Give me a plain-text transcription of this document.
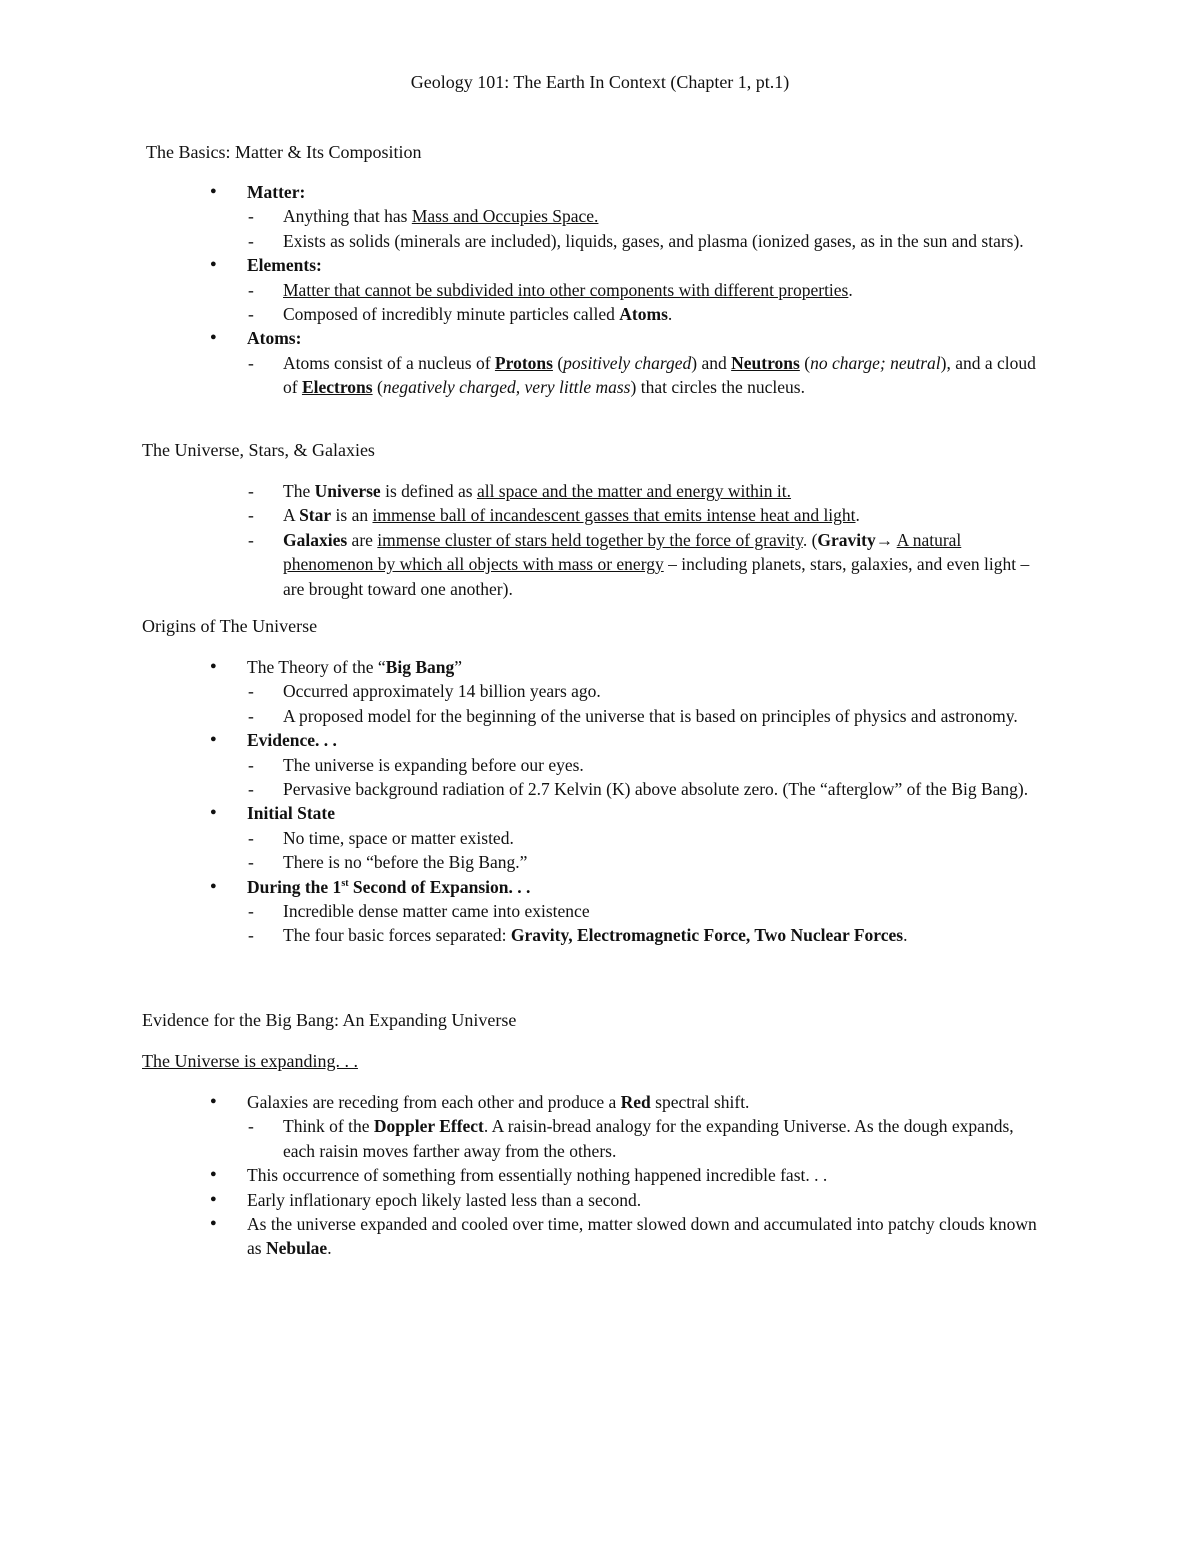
Geology 101: The Earth In Context (Chapter 1, pt.1)
The Basics: Matter & Its Composition
● Matter:
- Anything that has Mass and Occupies Space.
- Exists as solids (minerals are included), liquids, gases, and plasma (ionized gases, as in the sun and stars).
● Elements:
- Matter that cannot be subdivided into other components with different properties.
- Composed of incredibly minute particles called Atoms.
● Atoms:
- Atoms consist of a nucleus of Protons (positively charged) and Neutrons (no charge; neutral), and a cloud of Electrons (negatively charged, very little mass) that circles the nucleus.
The Universe, Stars, & Galaxies
- The Universe is defined as all space and the matter and energy within it.
- A Star is an immense ball of incandescent gasses that emits intense heat and light.
- Galaxies are immense cluster of stars held together by the force of gravity. (Gravity→ A natural phenomenon by which all objects with mass or energy – including planets, stars, galaxies, and even light – are brought toward one another).
Origins of The Universe
● The Theory of the “Big Bang”
- Occurred approximately 14 billion years ago.
- A proposed model for the beginning of the universe that is based on principles of physics and astronomy.
● Evidence. . .
- The universe is expanding before our eyes.
- Pervasive background radiation of 2.7 Kelvin (K) above absolute zero. (The “afterglow” of the Big Bang).
● Initial State
- No time, space or matter existed.
- There is no “before the Big Bang.”
● During the 1st Second of Expansion. . .
- Incredible dense matter came into existence
- The four basic forces separated: Gravity, Electromagnetic Force, Two Nuclear Forces.
Evidence for the Big Bang: An Expanding Universe
The Universe is expanding. . .
● Galaxies are receding from each other and produce a Red spectral shift.
- Think of the Doppler Effect. A raisin-bread analogy for the expanding Universe. As the dough expands, each raisin moves farther away from the others.
● This occurrence of something from essentially nothing happened incredible fast. . .
● Early inflationary epoch likely lasted less than a second.
● As the universe expanded and cooled over time, matter slowed down and accumulated into patchy clouds known as Nebulae.
